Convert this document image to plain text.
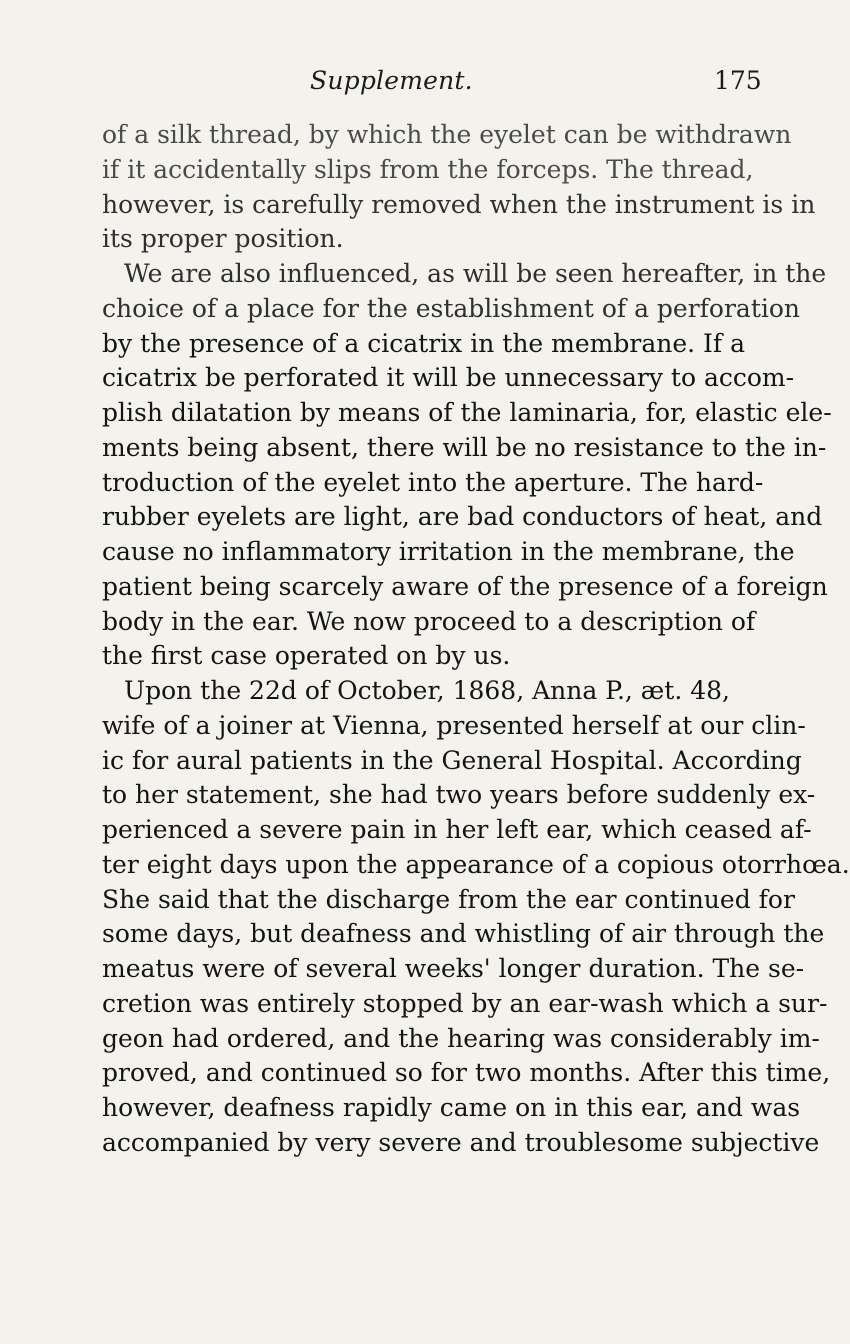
Supplement.	175
of a silk thread, by which the eyelet can be withdrawn
if it accidentally slips from the forceps. The thread,
however, is carefully removed when the instrument is in
its proper position.
We are also influenced, as will be seen hereafter, in the
choice of a place for the establishment of a perforation
by the presence of a cicatrix in the membrane. If a
cicatrix be perforated it will be unnecessary to accom-
plish dilatation by means of the laminaria, for, elastic ele-
ments being absent, there will be no resistance to the in-
troduction of the eyelet into the aperture. The hard-
rubber eyelets are light, are bad conductors of heat, and
cause no inflammatory irritation in the membrane, the
patient being scarcely aware of the presence of a foreign
body in the ear. We now proceed to a description of
the first case operated on by us.
Upon the 22d of October, 1868, Anna P., æt. 48,
wife of a joiner at Vienna, presented herself at our clin-
ic for aural patients in the General Hospital. According
to her statement, she had two years before suddenly ex-
perienced a severe pain in her left ear, which ceased af-
ter eight days upon the appearance of a copious otorrhœa.
She said that the discharge from the ear continued for
some days, but deafness and whistling of air through the
meatus were of several weeks' longer duration. The se-
cretion was entirely stopped by an ear-wash which a sur-
geon had ordered, and the hearing was considerably im-
proved, and continued so for two months. After this time,
however, deafness rapidly came on in this ear, and was
accompanied by very severe and troublesome subjective
